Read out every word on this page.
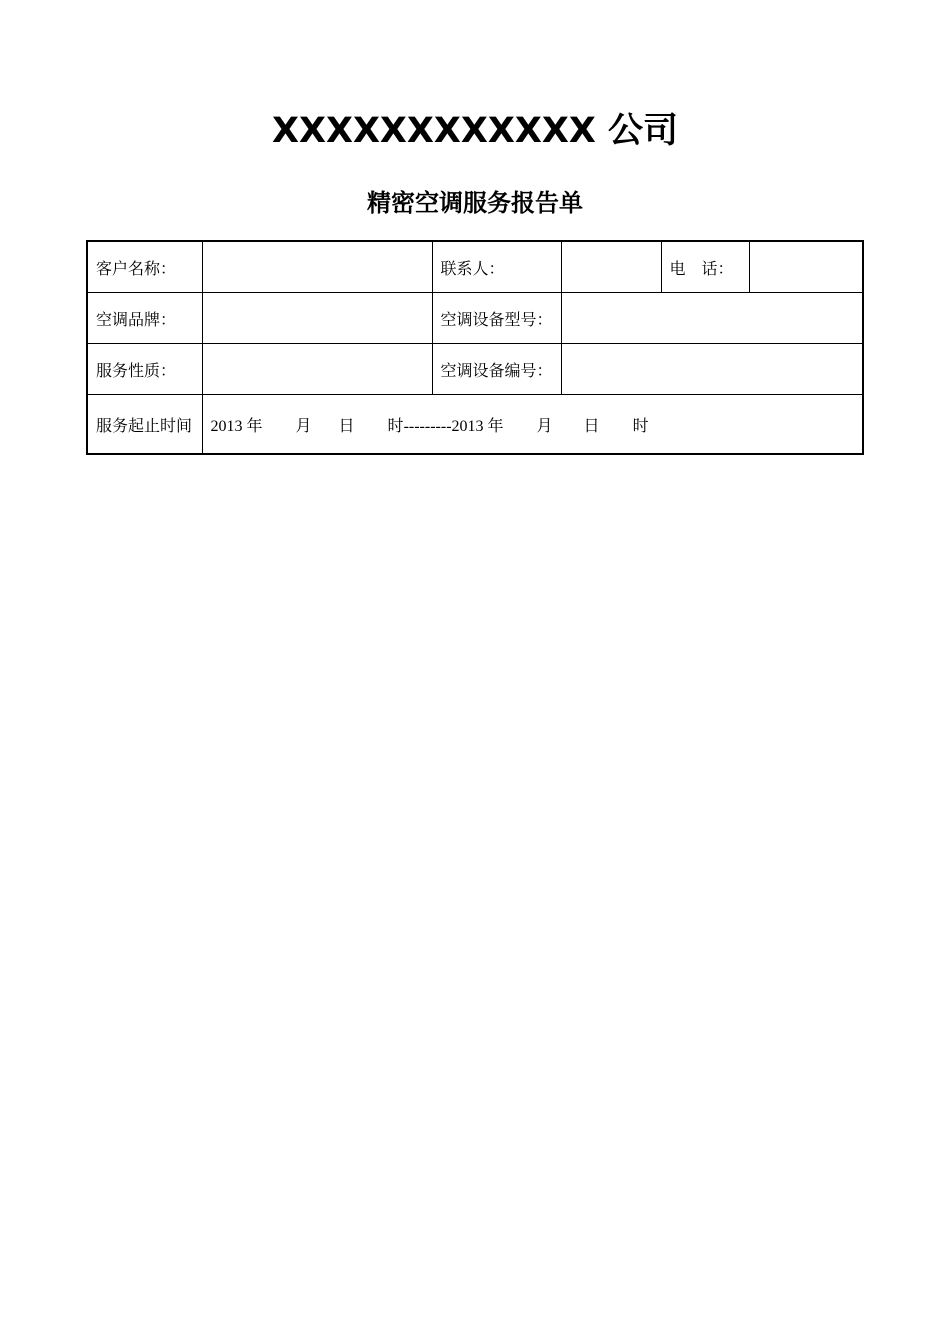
XXXXXXXXXXXX 公司
精密空调服务报告单
客户名称：		联系人：		电　话：	
空调品牌：		空调设备型号：			
服务性质：		空调设备编号：			
服务起止时间	2013 年 月 日 时---------2013 年 月 日 时				
